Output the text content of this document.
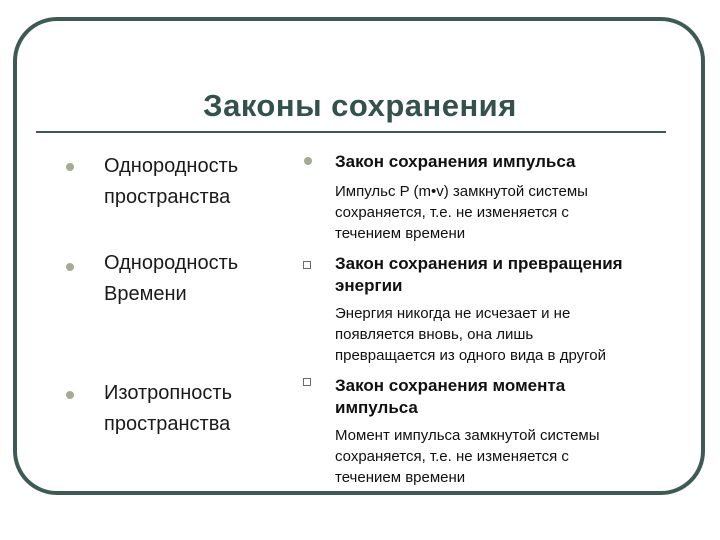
Законы сохранения
Однородность
пространства
Однородность
Времени
Изотропность
пространства
Закон сохранения импульса
Импульс P (m•v) замкнутой системы
сохраняется, т.е. не изменяется с
течением времени
Закон сохранения и превращения
энергии
Энергия никогда не исчезает и не
появляется вновь, она лишь
превращается из одного вида в другой
Закон сохранения момента
импульса
Момент импульса замкнутой системы
сохраняется, т.е. не изменяется с
течением времени
